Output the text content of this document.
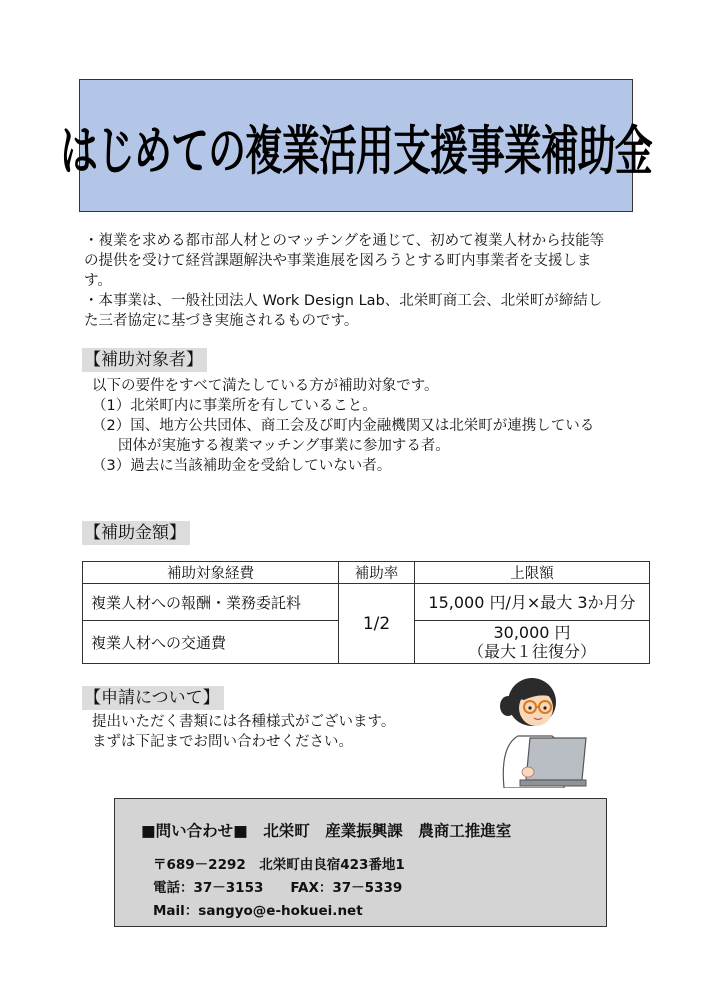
はじめての複業活用支援事業補助金

・複業を求める都市部人材とのマッチングを通じて、初めて複業人材から技能等

の提供を受けて経営課題解決や事業進展を図ろうとする町内事業者を支援しま

す。

・本事業は、一般社団法人 Work Design Lab、北栄町商工会、北栄町が締結し

た三者協定に基づき実施されるものです。

【補助対象者】

以下の要件をすべて満たしている方が補助対象です。

（1）北栄町内に事業所を有していること。

（2）国、地方公共団体、商工会及び町内金融機関又は北栄町が連携している

団体が実施する複業マッチング事業に参加する者。

（3）過去に当該補助金を受給していない者。

【補助金額】
補助対象経費	補助率	上限額
複業人材への報酬・業務委託料	1/2	15,000 円/月×最大 3か月分
複業人材への交通費		30,000 円
（最大１往復分）
【申請について】

提出いただく書類には各種様式がございます。

まずは下記までお問い合わせください。

■問い合わせ■　北栄町　産業振興課　農商工推進室
〒689－2292　北栄町由良宿423番地1
電話：37－3153　　FAX：37－5339
Mail：sangyo@e-hokuei.net
